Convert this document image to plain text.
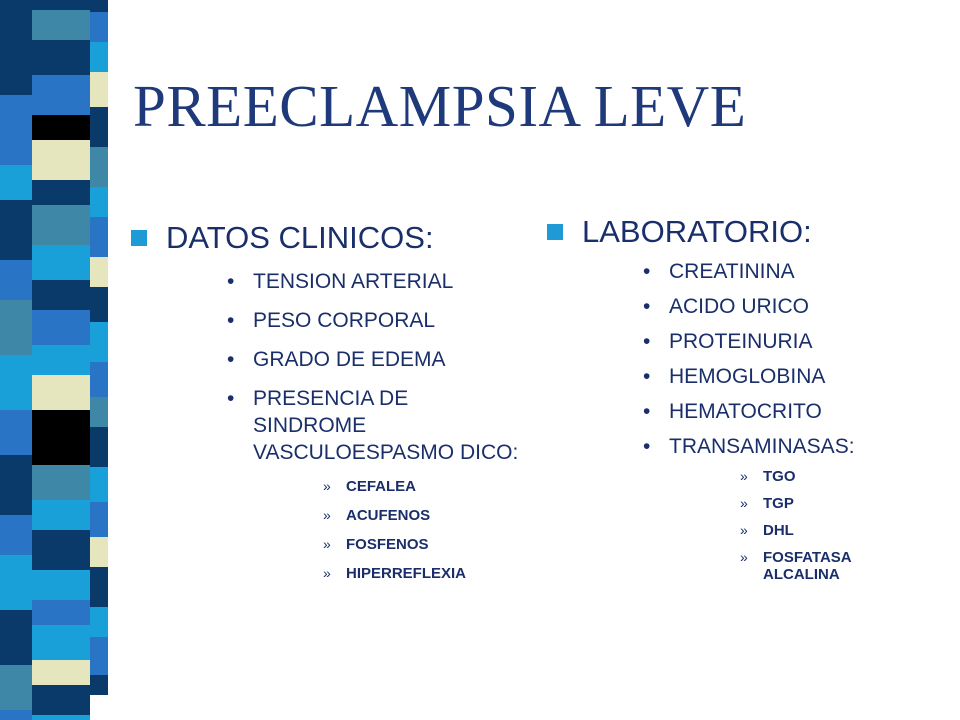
PREECLAMPSIA LEVE
DATOS CLINICOS:
• TENSION ARTERIAL
• PESO CORPORAL
• GRADO DE EDEMA
• PRESENCIA DE SINDROME VASCULOESPASMO DICO:
»	CEFALEA
»	ACUFENOS
»	FOSFENOS
»	HIPERREFLEXIA
LABORATORIO:
• CREATININA
• ACIDO URICO
• PROTEINURIA
• HEMOGLOBINA
• HEMATOCRITO
• TRANSAMINASAS:
»	TGO
»	TGP
»	DHL
»	FOSFATASA ALCALINA
